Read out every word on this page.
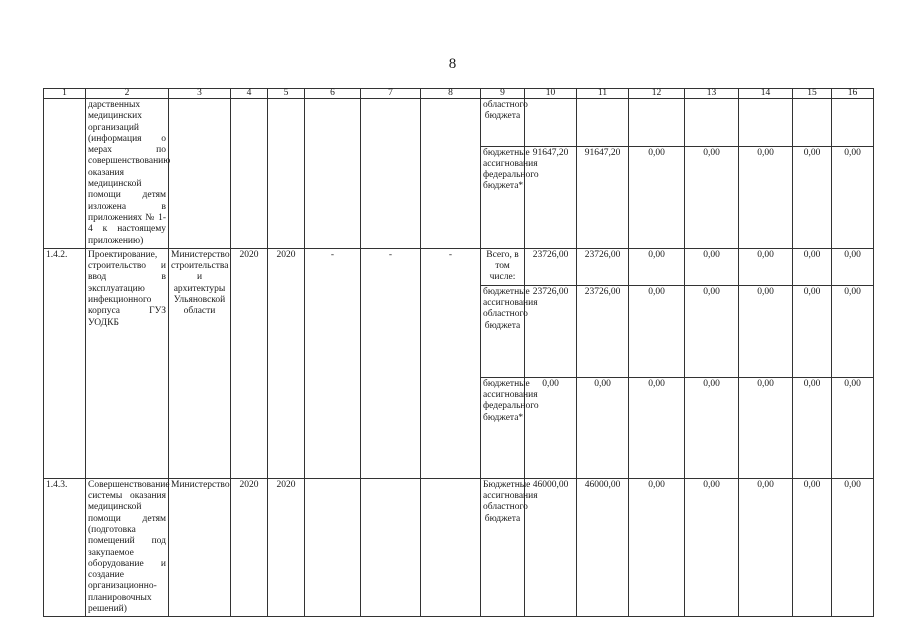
8
1	2	3	4	5	6	7	8	9	10	11	12	13	14	15	16
	дарственных медицинских организаций (информация о мерах по совершенствованию оказания медицинской помощи детям изложена в приложениях № 1-4 к настоящему приложению)							областного бюджета							
								бюджетные ассигнования федерального бюджета*	91647,20	91647,20	0,00	0,00	0,00	0,00	0,00
1.4.2.	Проектирование, строительство и ввод в эксплуатацию инфекционного корпуса ГУЗ УОДКБ	Министерство строительства и архитектуры Ульяновской области	2020	2020	-	-	-	Всего, в том числе:	23726,00	23726,00	0,00	0,00	0,00	0,00	0,00
								бюджетные ассигнования областного бюджета	23726,00	23726,00	0,00	0,00	0,00	0,00	0,00
								бюджетные ассигнования федерального бюджета*	0,00	0,00	0,00	0,00	0,00	0,00	0,00
1.4.3.	Совершенствование системы оказания медицинской помощи детям (подготовка помещений под закупаемое оборудование и создание организационно-планировочных решений)	Министерство	2020	2020				Бюджетные ассигнования областного бюджета	46000,00	46000,00	0,00	0,00	0,00	0,00	0,00
